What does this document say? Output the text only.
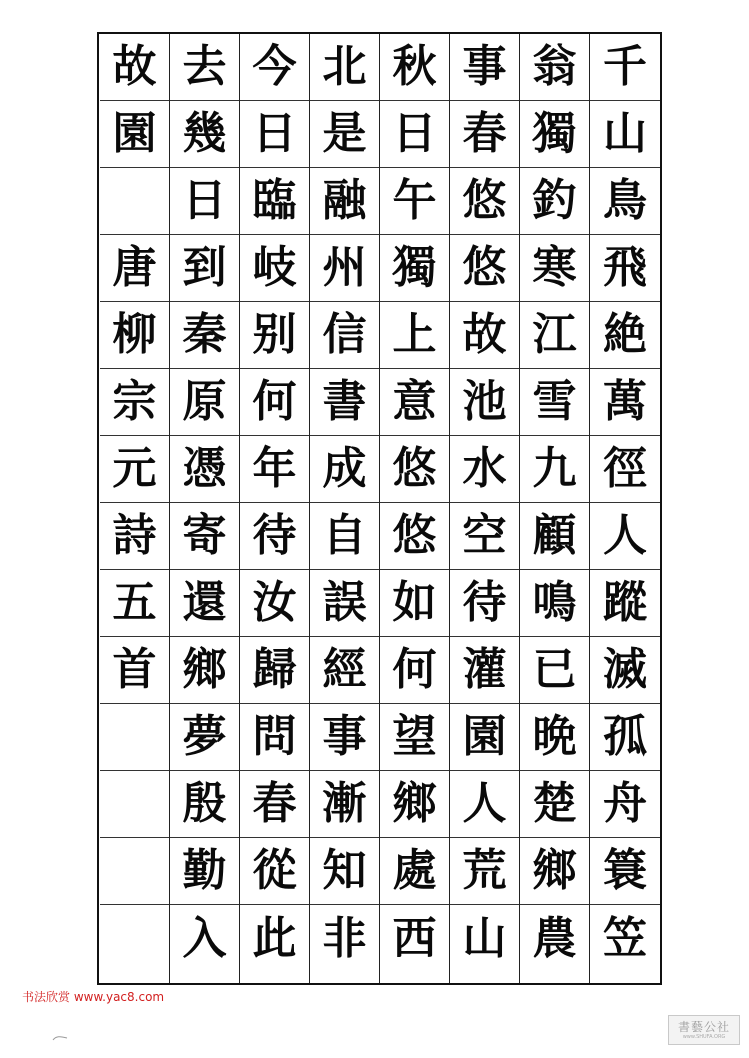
千
山
鳥
飛
絶
萬
徑
人
蹤
滅
孤
舟
簑
笠
翁
獨
釣
寒
江
雪
九
顧
鳴
已
晩
楚
鄉
農
事
春
悠
悠
故
池
水
空
待
灌
園
人
荒
山
秋
日
午
獨
上
意
悠
悠
如
何
望
鄉
處
西
北
是
融
州
信
書
成
自
誤
經
事
漸
知
非
今
日
臨
岐
别
何
年
待
汝
歸
問
春
從
此
去
幾
日
到
秦
原
憑
寄
還
鄉
夢
殷
勤
入
故
園
唐
柳
宗
元
詩
五
首
书法欣赏 www.yac8.com
書藝公社
www.SHUFA.ORG
